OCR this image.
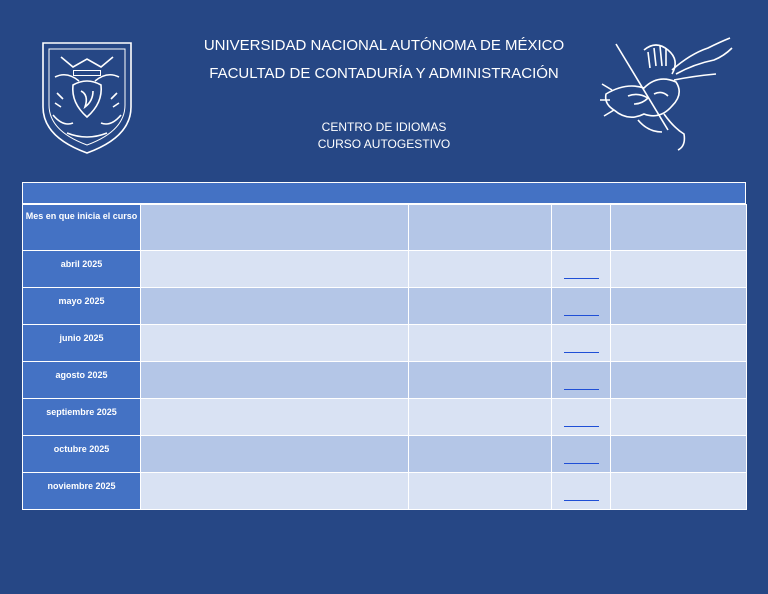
UNIVERSIDAD NACIONAL AUTÓNOMA DE MÉXICO
FACULTAD DE CONTADURÍA Y ADMINISTRACIÓN
CENTRO DE IDIOMAS
CURSO AUTOGESTIVO
Mes en que inicia el curso				
abril 2025			

mayo 2025			

junio 2025			

agosto 2025			

septiembre 2025			

octubre 2025			

noviembre 2025			
